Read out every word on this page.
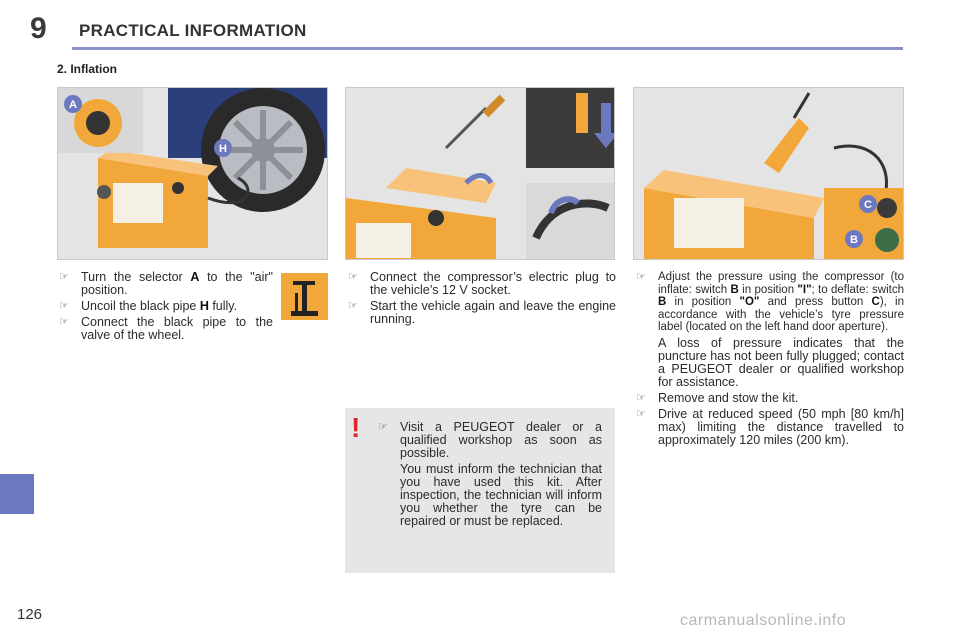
9 PRACTICAL INFORMATION
2. Inflation
A
H
C
B
☞ Turn the selector A to the "air" position.
☞ Uncoil the black pipe H fully.
☞ Connect the black pipe to the valve of the wheel.
☞ Connect the compressor’s electric plug to the vehicle’s 12 V socket.
☞ Start the vehicle again and leave the engine running.
! ☞ Visit a PEUGEOT dealer or a qualified workshop as soon as possible.
You must inform the technician that you have used this kit. After inspection, the technician will inform you whether the tyre can be repaired or must be replaced.
☞ Adjust the pressure using the compressor (to inflate: switch B in position "I"; to deflate: switch B in position "O" and press button C), in accordance with the vehicle’s tyre pressure label (located on the left hand door aperture).
A loss of pressure indicates that the puncture has not been fully plugged; contact a PEUGEOT dealer or qualified workshop for assistance.
☞ Remove and stow the kit.
☞ Drive at reduced speed (50 mph [80 km/h] max) limiting the distance travelled to approximately 120 miles (200 km).
126	carmanualsonline.info
